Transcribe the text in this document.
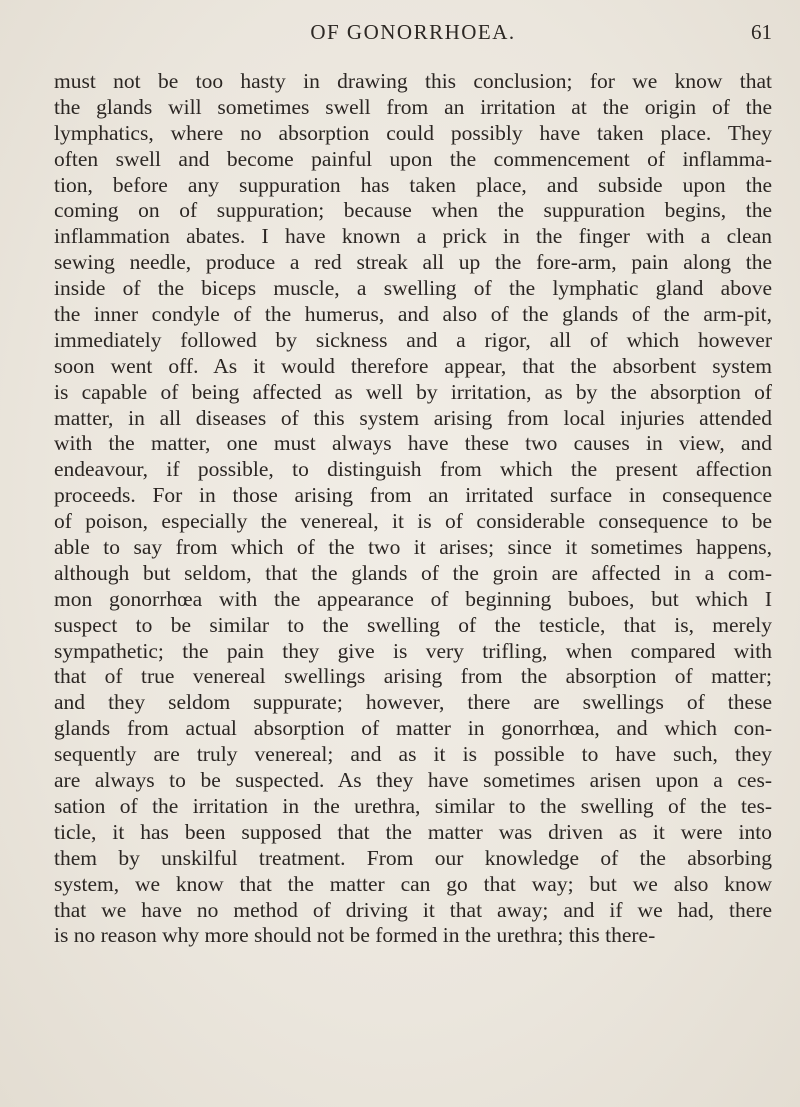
OF GONORRHOEA.	61
must not be too hasty in drawing this conclusion; for we know that
the glands will sometimes swell from an irritation at the origin of the
lymphatics, where no absorption could possibly have taken place. They
often swell and become painful upon the commencement of inflamma-
tion, before any suppuration has taken place, and subside upon the
coming on of suppuration; because when the suppuration begins, the
inflammation abates. I have known a prick in the finger with a clean
sewing needle, produce a red streak all up the fore-arm, pain along the
inside of the biceps muscle, a swelling of the lymphatic gland above
the inner condyle of the humerus, and also of the glands of the arm-pit,
immediately followed by sickness and a rigor, all of which however
soon went off. As it would therefore appear, that the absorbent system
is capable of being affected as well by irritation, as by the absorption of
matter, in all diseases of this system arising from local injuries attended
with the matter, one must always have these two causes in view, and
endeavour, if possible, to distinguish from which the present affection
proceeds. For in those arising from an irritated surface in consequence
of poison, especially the venereal, it is of considerable consequence to be
able to say from which of the two it arises; since it sometimes happens,
although but seldom, that the glands of the groin are affected in a com-
mon gonorrhœa with the appearance of beginning buboes, but which I
suspect to be similar to the swelling of the testicle, that is, merely
sympathetic; the pain they give is very trifling, when compared with
that of true venereal swellings arising from the absorption of matter;
and they seldom suppurate; however, there are swellings of these
glands from actual absorption of matter in gonorrhœa, and which con-
sequently are truly venereal; and as it is possible to have such, they
are always to be suspected. As they have sometimes arisen upon a ces-
sation of the irritation in the urethra, similar to the swelling of the tes-
ticle, it has been supposed that the matter was driven as it were into
them by unskilful treatment. From our knowledge of the absorbing
system, we know that the matter can go that way; but we also know
that we have no method of driving it that away; and if we had, there
is no reason why more should not be formed in the urethra; this there-
